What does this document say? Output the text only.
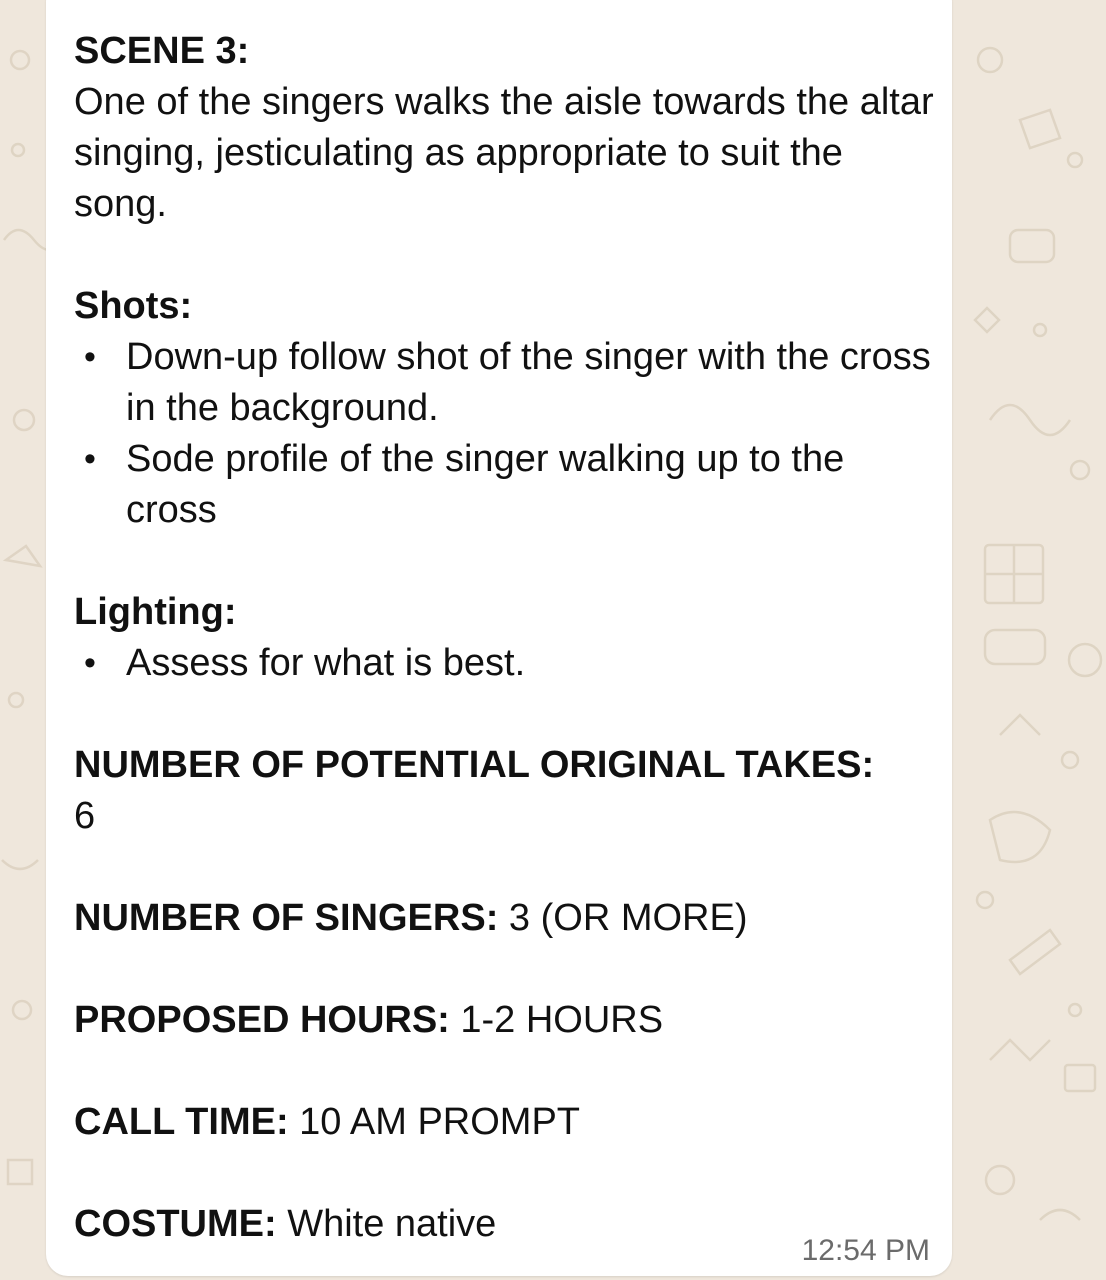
SCENE 3:

One of the singers walks the aisle towards the altar singing, jesticulating as appropriate to suit the song.

Shots:

• Down-up follow shot of the singer with the cross in the background.
• Sode profile of the singer walking up to the cross

Lighting:

• Assess for what is best.

NUMBER OF POTENTIAL ORIGINAL TAKES:

6

NUMBER OF SINGERS: 3 (OR MORE)

PROPOSED HOURS: 1-2 HOURS

CALL TIME: 10 AM PROMPT

COSTUME: White native

12:54 PM
